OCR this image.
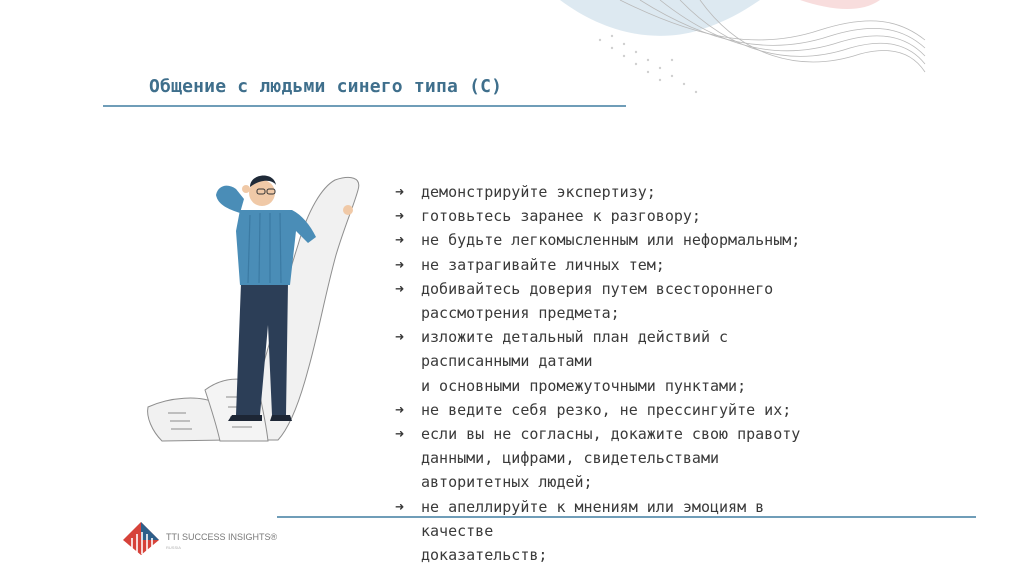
Общение с людьми синего типа (С)
➜ демонстрируйте экспертизу;
➜ готовьтесь заранее к разговору;
➜ не будьте легкомысленным или неформальным;
➜ не затрагивайте личных тем;
➜ добивайтесь доверия путем всестороннего
рассмотрения предмета;
➜ изложите детальный план действий с
расписанными датами
и основными промежуточными пунктами;
➜ не ведите себя резко, не прессингуйте их;
➜ если вы не согласны, докажите свою правоту
данными, цифрами, свидетельствами
авторитетных людей;
➜ не апеллируйте к мнениям или эмоциям в
качестве
доказательств;
TTI SUCCESS INSIGHTS®
RUSSIA
